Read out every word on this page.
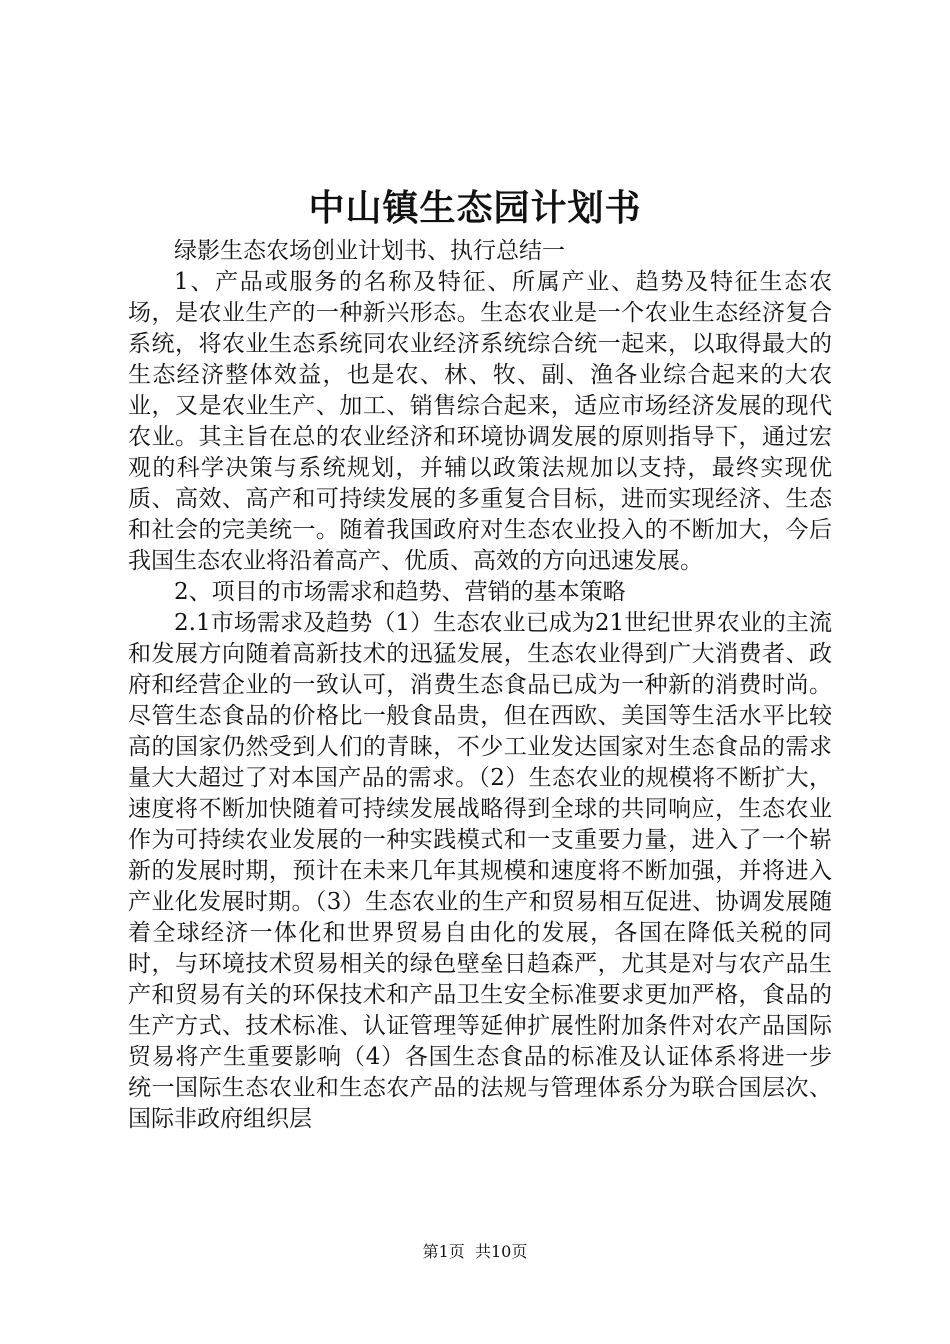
中山镇生态园计划书

绿影生态农场创业计划书、执行总结一

1、产品或服务的名称及特征、所属产业、趋势及特征生态农场，是农业生产的一种新兴形态。生态农业是一个农业生态经济复合系统，将农业生态系统同农业经济系统综合统一起来，以取得最大的生态经济整体效益，也是农、林、牧、副、渔各业综合起来的大农业，又是农业生产、加工、销售综合起来，适应市场经济发展的现代农业。其主旨在总的农业经济和环境协调发展的原则指导下，通过宏观的科学决策与系统规划，并辅以政策法规加以支持，最终实现优质、高效、高产和可持续发展的多重复合目标，进而实现经济、生态和社会的完美统一。随着我国政府对生态农业投入的不断加大，今后我国生态农业将沿着高产、优质、高效的方向迅速发展。

2、项目的市场需求和趋势、营销的基本策略

2.1市场需求及趋势（1）生态农业已成为21世纪世界农业的主流和发展方向随着高新技术的迅猛发展，生态农业得到广大消费者、政府和经营企业的一致认可，消费生态食品已成为一种新的消费时尚。尽管生态食品的价格比一般食品贵，但在西欧、美国等生活水平比较高的国家仍然受到人们的青睐，不少工业发达国家对生态食品的需求量大大超过了对本国产品的需求。（2）生态农业的规模将不断扩大，速度将不断加快随着可持续发展战略得到全球的共同响应，生态农业作为可持续农业发展的一种实践模式和一支重要力量，进入了一个崭新的发展时期，预计在未来几年其规模和速度将不断加强，并将进入产业化发展时期。（3）生态农业的生产和贸易相互促进、协调发展随着全球经济一体化和世界贸易自由化的发展，各国在降低关税的同时，与环境技术贸易相关的绿色壁垒日趋森严，尤其是对与农产品生产和贸易有关的环保技术和产品卫生安全标准要求更加严格，食品的生产方式、技术标准、认证管理等延伸扩展性附加条件对农产品国际贸易将产生重要影响（4）各国生态食品的标准及认证体系将进一步统一国际生态农业和生态农产品的法规与管理体系分为联合国层次、国际非政府组织层

第1页 共10页
